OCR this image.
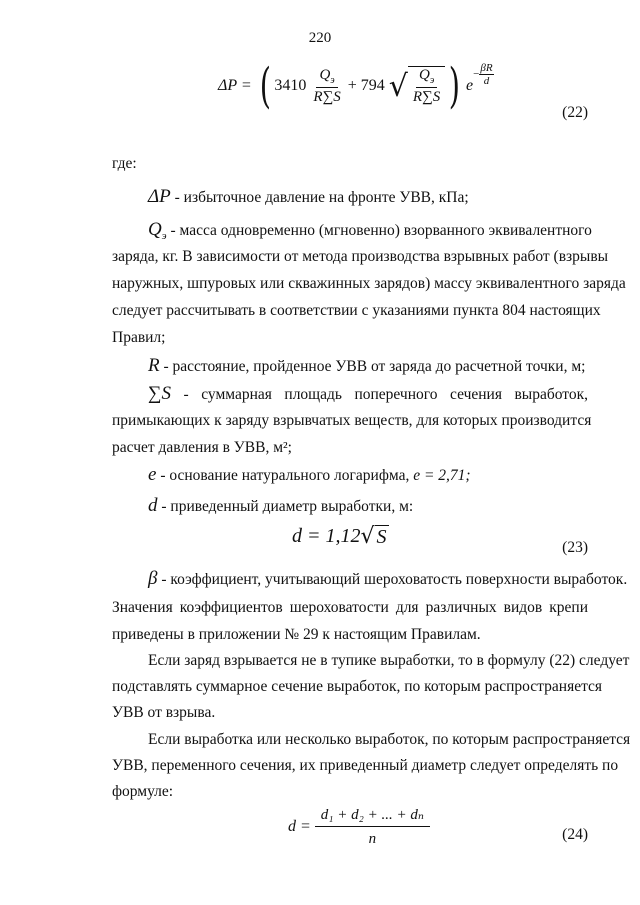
220
ΔP = ( $3410 \frac{Q_э}{R\sum S} + 794$ √ $\frac{Q_э}{R\sum S}$ ) e
− $\frac{\beta R}{d}$
(22)
где:
ΔP - избыточное давление на фронте УВВ, кПа;
$Q_э$ - масса одновременно (мгновенно) взорванного эквивалентного
заряда, кг. В зависимости от метода производства взрывных работ (взрывы
наружных, шпуровых или скважинных зарядов) массу эквивалентного заряда
следует рассчитывать в соответствии с указаниями пункта 804 настоящих
Правил;
R - расстояние, пройденное УВВ от заряда до расчетной точки, м;
∑S - суммарная площадь поперечного сечения выработок,
примыкающих к заряду взрывчатых веществ, для которых производится
расчет давления в УВВ, м²;
e - основание натурального логарифма, e = 2,71;
d - приведенный диаметр выработки, м:
d = 1,12 √ S	(23)
β - коэффициент, учитывающий шероховатость поверхности выработок.
Значения коэффициентов шероховатости для различных видов крепи
приведены в приложении № 29 к настоящим Правилам.
Если заряд взрывается не в тупике выработки, то в формулу (22) следует
подставлять суммарное сечение выработок, по которым распространяется
УВВ от взрыва.
Если выработка или несколько выработок, по которым распространяется
УВВ, переменного сечения, их приведенный диаметр следует определять по
формуле:
$d = \frac{\text{d₁ + d₂ + ... + dₙ}}{n}$	(24)
